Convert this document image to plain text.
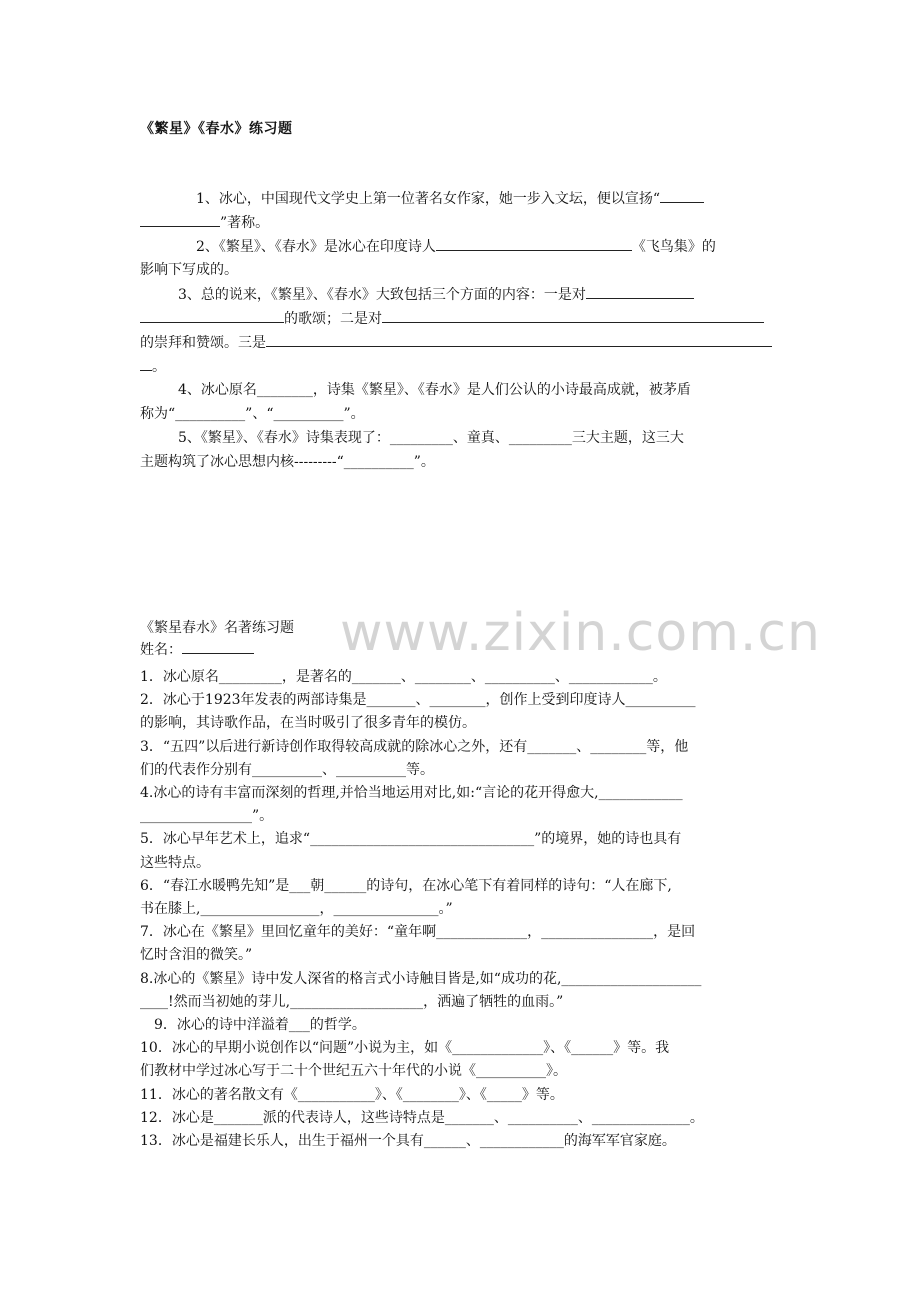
《繁星》《春水》练习题
1、冰心，中国现代文学史上第一位著名女作家，她一步入文坛，便以宣扬“
”著称。
2、《繁星》、《春水》是冰心在印度诗人	《飞鸟集》的
影响下写成的。
3、总的说来，《繁星》、《春水》大致包括三个方面的内容：一是对
的歌颂；二是对
的崇拜和赞颂。三是
。
4、冰心原名________，诗集《繁星》、《春水》是人们公认的小诗最高成就，被茅盾
称为“__________”、“__________”。
5、《繁星》、《春水》诗集表现了：_________、童真、_________三大主题，这三大
主题构筑了冰心思想内核---------“__________”。
www.zixin.com.cn
《繁星春水》名著练习题
姓名：
1．冰心原名_________，是著名的_______、________、__________、____________。
2．冰心于1923年发表的两部诗集是_______、________，创作上受到印度诗人__________
的影响，其诗歌作品，在当时吸引了很多青年的模仿。
3．“五四”以后进行新诗创作取得较高成就的除冰心之外，还有_______、________等，他
们的代表作分别有__________、__________等。
4.冰心的诗有丰富而深刻的哲理,并恰当地运用对比,如:“言论的花开得愈大,____________
________________”。
5．冰心早年艺术上，追求“________________________________”的境界，她的诗也具有
这些特点。
6．“春江水暖鸭先知”是___朝______的诗句，在冰心笔下有着同样的诗句：“人在廊下,
书在膝上,_________________，_______________。”
7．冰心在《繁星》里回忆童年的美好：“童年啊_____________，________________，是回
忆时含泪的微笑。”
8.冰心的《繁星》诗中发人深省的格言式小诗触目皆是,如“成功的花,____________________
____!然而当初她的芽儿,___________________，洒遍了牺牲的血雨。”
　9．冰心的诗中洋溢着___的哲学。
10．冰心的早期小说创作以“问题”小说为主，如《_____________》、《______》等。我
们教材中学过冰心写于二十个世纪五六十年代的小说《__________》。
11．冰心的著名散文有《___________》、《________》、《_____》等。
12．冰心是_______派的代表诗人，这些诗特点是_______、__________、______________。
13．冰心是福建长乐人，出生于福州一个具有______、____________的海军军官家庭。
